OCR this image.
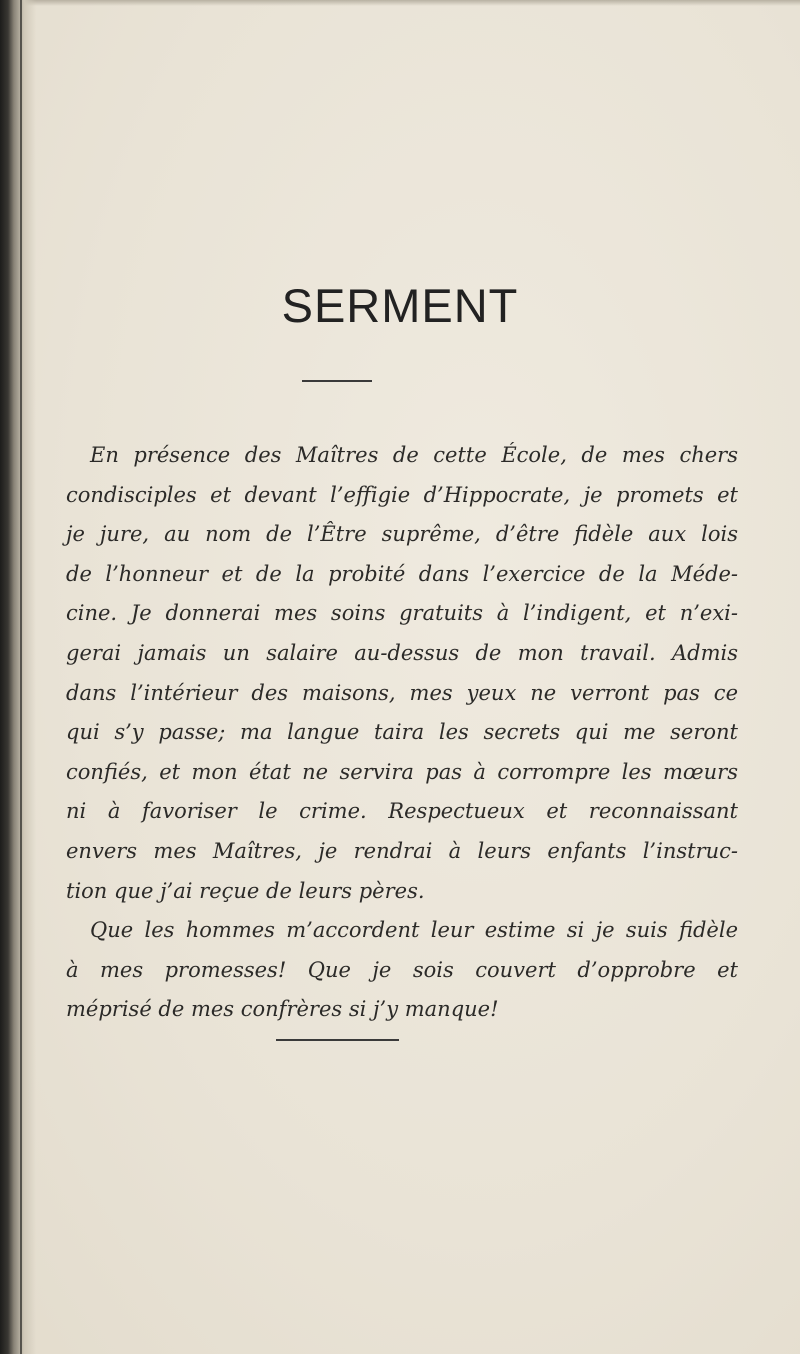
SERMENT

En présence des Maîtres de cette École, de mes chers
condisciples et devant l’effigie d’Hippocrate, je promets et
je jure, au nom de l’Être suprême, d’être fidèle aux lois
de l’honneur et de la probité dans l’exercice de la Méde-
cine. Je donnerai mes soins gratuits à l’indigent, et n’exi-
gerai jamais un salaire au-dessus de mon travail. Admis
dans l’intérieur des maisons, mes yeux ne verront pas ce
qui s’y passe; ma langue taira les secrets qui me seront
confiés, et mon état ne servira pas à corrompre les mœurs
ni à favoriser le crime. Respectueux et reconnaissant
envers mes Maîtres, je rendrai à leurs enfants l’instruc-
tion que j’ai reçue de leurs pères.

Que les hommes m’accordent leur estime si je suis fidèle
à mes promesses! Que je sois couvert d’opprobre et
méprisé de mes confrères si j’y manque!
